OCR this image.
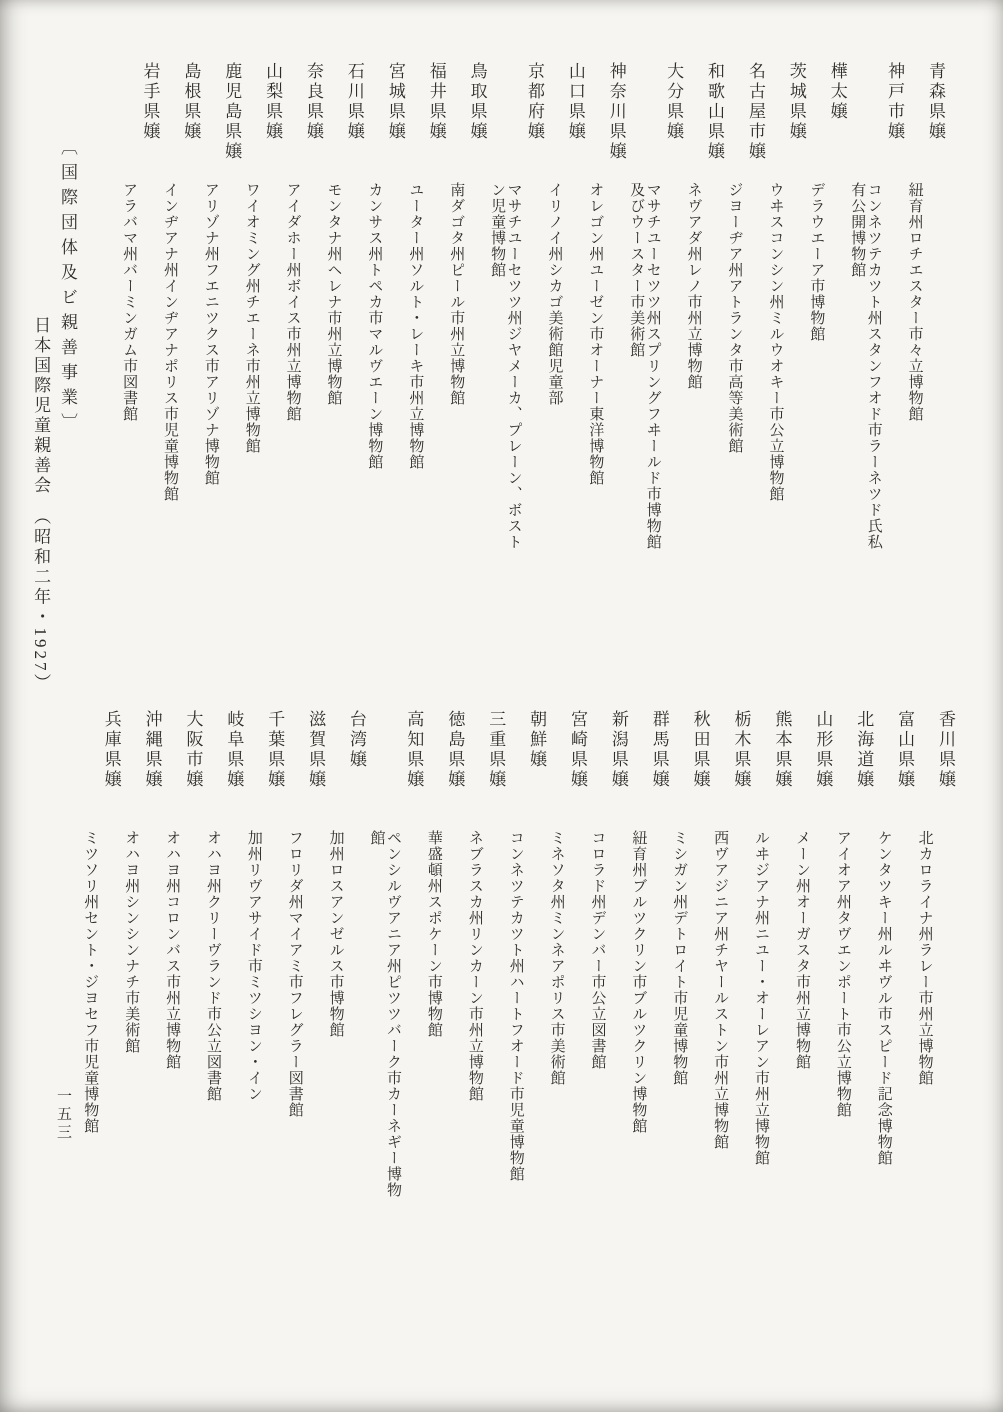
青森県嬢
紐育州ロチエスター市々立博物館
神戸市嬢
コンネツテカツト州スタンフオド市ラーネツド氏私有公開博物館
樺太嬢
デラウエーア市博物館
茨城県嬢
ウヰスコンシン州ミルウオキー市公立博物館
名古屋市嬢
ジヨーヂア州アトランタ市高等美術館
和歌山県嬢
ネヴアダ州レノ市州立博物館
大分県嬢
マサチユーセツツ州スプリングフヰールド市博物館及びウースター市美術館
神奈川県嬢
オレゴン州ユーゼン市オーナー東洋博物館
山口県嬢
イリノイ州シカゴ美術館児童部
京都府嬢
マサチユーセツツ州ジヤメーカ、プレーン、ボストン児童博物館
鳥取県嬢
南ダゴタ州ピール市州立博物館
福井県嬢
ユーター州ソルト・レーキ市州立博物館
宮城県嬢
カンサス州トペカ市マルヴエーン博物館
石川県嬢
モンタナ州ヘレナ市州立博物館
奈良県嬢
アイダホー州ボイス市州立博物館
山梨県嬢
ワイオミング州チエーネ市州立博物館
鹿児島県嬢
アリゾナ州フエニツクス市アリゾナ博物館
島根県嬢
インヂアナ州インヂアナポリス市児童博物館
岩手県嬢
アラバマ州バーミンガム市図書館
〔国際団体及ビ親善事業〕
日本国際児童親善会　（昭和二年・1927）
香川県嬢
北カロライナ州ラレー市州立博物館
富山県嬢
ケンタツキー州ルヰヴル市スピード記念博物館
北海道嬢
アイオア州タヴエンポート市公立博物館
山形県嬢
メーン州オーガスタ市州立博物館
熊本県嬢
ルヰジアナ州ニユー・オーレアン市州立博物館
栃木県嬢
西ヴアジニア州チヤールストン市州立博物館
秋田県嬢
ミシガン州デトロイト市児童博物館
群馬県嬢
紐育州ブルツクリン市ブルツクリン博物館
新潟県嬢
コロラド州デンバー市公立図書館
宮崎県嬢
ミネソタ州ミンネアポリス市美術館
朝鮮嬢
コンネツテカツト州ハートフオード市児童博物館
三重県嬢
ネブラスカ州リンカーン市州立博物館
徳島県嬢
華盛頓州スポケーン市博物館
高知県嬢
ペンシルヴアニア州ピツツバーク市カーネギー博物館
台湾嬢
加州ロスアンゼルス市博物館
滋賀県嬢
フロリダ州マイアミ市フレグラー図書館
千葉県嬢
加州リヴアサイド市ミツシヨン・イン
岐阜県嬢
オハヨ州クリーヴランド市公立図書館
大阪市嬢
オハヨ州コロンバス市州立博物館
沖縄県嬢
オハヨ州シンシンナチ市美術館
兵庫県嬢
ミツソリ州セント・ジヨセフ市児童博物館
一五三
